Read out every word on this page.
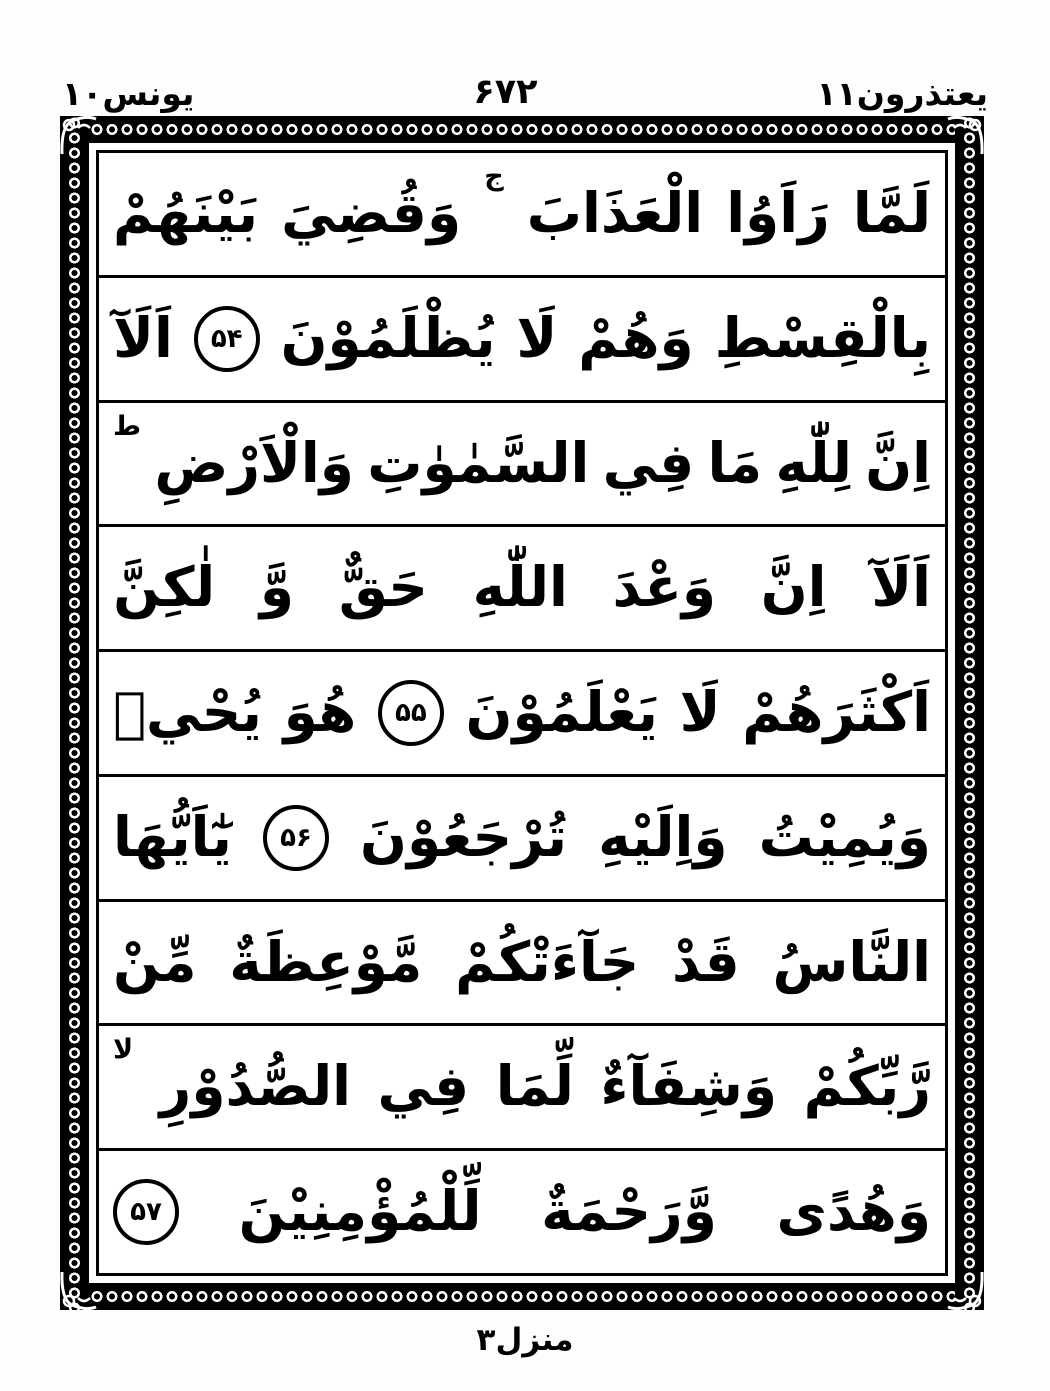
يونس۱۰	۶۷۲	يعتذرون۱۱
لَمَّا
رَاَوُا
الْعَذَابَ
ج
وَقُضِيَ
بَيْنَهُمْ
بِالْقِسْطِ
وَهُمْ
لَا
يُظْلَمُوْنَ
۵۴
اَلَآ
اِنَّ
لِلّٰهِ
مَا
فِي
السَّمٰوٰتِ
وَالْاَرْضِ
ط
اَلَآ
اِنَّ
وَعْدَ
اللّٰهِ
حَقٌّ
وَّ
لٰكِنَّ
اَكْثَرَهُمْ
لَا
يَعْلَمُوْنَ
۵۵
هُوَ
يُحْيٖ
وَيُمِيْتُ
وَاِلَيْهِ
تُرْجَعُوْنَ
۵۶
يٰٓاَيُّهَا
النَّاسُ
قَدْ
جَآءَتْكُمْ
مَّوْعِظَةٌ
مِّنْ
رَّبِّكُمْ
وَشِفَآءٌ
لِّمَا
فِي
الصُّدُوْرِ
لا
وَهُدًى
وَّرَحْمَةٌ
لِّلْمُؤْمِنِيْنَ
۵۷
منزل۳
